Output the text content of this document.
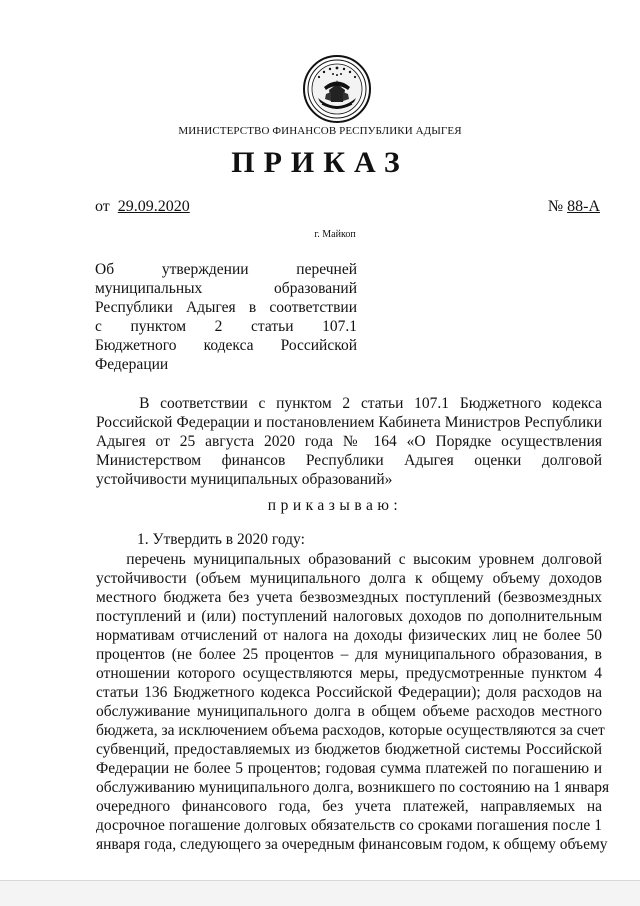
МИНИСТЕРСТВО ФИНАНСОВ РЕСПУБЛИКИ АДЫГЕЯ
ПРИКАЗ
от 29.09.2020	№ 88-А
г. Майкоп
Об утверждении перечней
муниципальных образований
Республики Адыгея в соответствии
с пунктом 2 статьи 107.1
Бюджетного кодекса Российской
Федерации
В соответствии с пунктом 2 статьи 107.1 Бюджетного кодекса
Российской Федерации и постановлением Кабинета Министров Республики
Адыгея от 25 августа 2020 года № 164 «О Порядке осуществления
Министерством финансов Республики Адыгея оценки долговой
устойчивости муниципальных образований»
приказываю:
1. Утвердить в 2020 году:
перечень муниципальных образований с высоким уровнем долговой
устойчивости (объем муниципального долга к общему объему доходов
местного бюджета без учета безвозмездных поступлений (безвозмездных
поступлений и (или) поступлений налоговых доходов по дополнительным
нормативам отчислений от налога на доходы физических лиц не более 50
процентов (не более 25 процентов – для муниципального образования, в
отношении которого осуществляются меры, предусмотренные пунктом 4
статьи 136 Бюджетного кодекса Российской Федерации); доля расходов на
обслуживание муниципального долга в общем объеме расходов местного
бюджета, за исключением объема расходов, которые осуществляются за счет
субвенций, предоставляемых из бюджетов бюджетной системы Российской
Федерации не более 5 процентов; годовая сумма платежей по погашению и
обслуживанию муниципального долга, возникшего по состоянию на 1 января
очередного финансового года, без учета платежей, направляемых на
досрочное погашение долговых обязательств со сроками погашения после 1
января года, следующего за очередным финансовым годом, к общему объему
